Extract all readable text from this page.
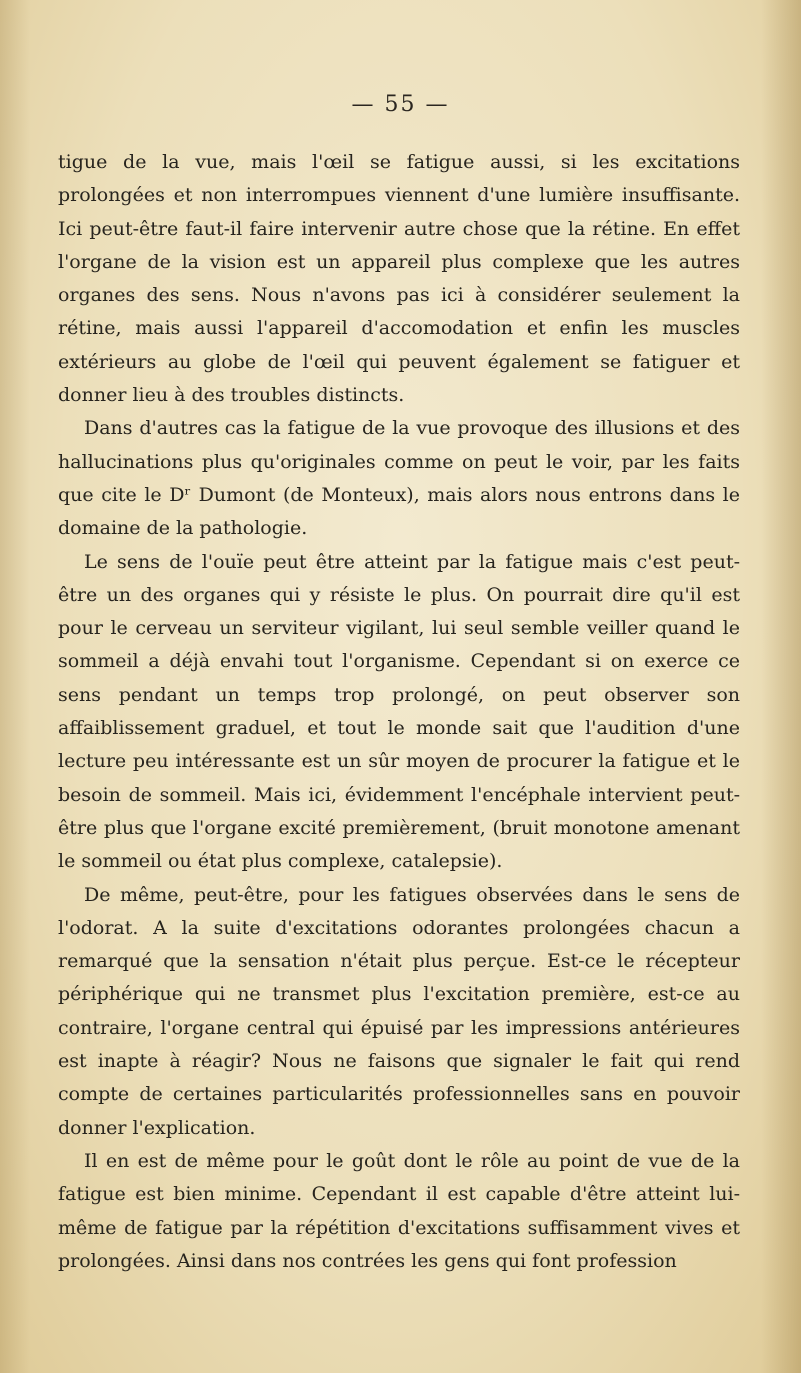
— 55 —

tigue de la vue, mais l'œil se fatigue aussi, si les excitations prolongées et non interrompues viennent d'une lumière insuffisante. Ici peut-être faut-il faire intervenir autre chose que la rétine. En effet l'organe de la vision est un appareil plus complexe que les autres organes des sens. Nous n'avons pas ici à considérer seulement la rétine, mais aussi l'appareil d'accomodation et enfin les muscles extérieurs au globe de l'œil qui peuvent également se fatiguer et donner lieu à des troubles distincts.

Dans d'autres cas la fatigue de la vue provoque des illusions et des hallucinations plus qu'originales comme on peut le voir, par les faits que cite le Dʳ Dumont (de Monteux), mais alors nous entrons dans le domaine de la pathologie.

Le sens de l'ouïe peut être atteint par la fatigue mais c'est peut-être un des organes qui y résiste le plus. On pourrait dire qu'il est pour le cerveau un serviteur vigilant, lui seul semble veiller quand le sommeil a déjà envahi tout l'organisme. Cependant si on exerce ce sens pendant un temps trop prolongé, on peut observer son affaiblissement graduel, et tout le monde sait que l'audition d'une lecture peu intéressante est un sûr moyen de procurer la fatigue et le besoin de sommeil. Mais ici, évidemment l'encéphale intervient peut-être plus que l'organe excité premièrement, (bruit monotone amenant le sommeil ou état plus complexe, catalepsie).

De même, peut-être, pour les fatigues observées dans le sens de l'odorat. A la suite d'excitations odorantes prolongées chacun a remarqué que la sensation n'était plus perçue. Est-ce le récepteur périphérique qui ne transmet plus l'excitation première, est-ce au contraire, l'organe central qui épuisé par les impressions antérieures est inapte à réagir? Nous ne faisons que signaler le fait qui rend compte de certaines particularités professionnelles sans en pouvoir donner l'explication.

Il en est de même pour le goût dont le rôle au point de vue de la fatigue est bien minime. Cependant il est capable d'être atteint lui-même de fatigue par la répétition d'excitations suffisamment vives et prolongées. Ainsi dans nos contrées les gens qui font profession
